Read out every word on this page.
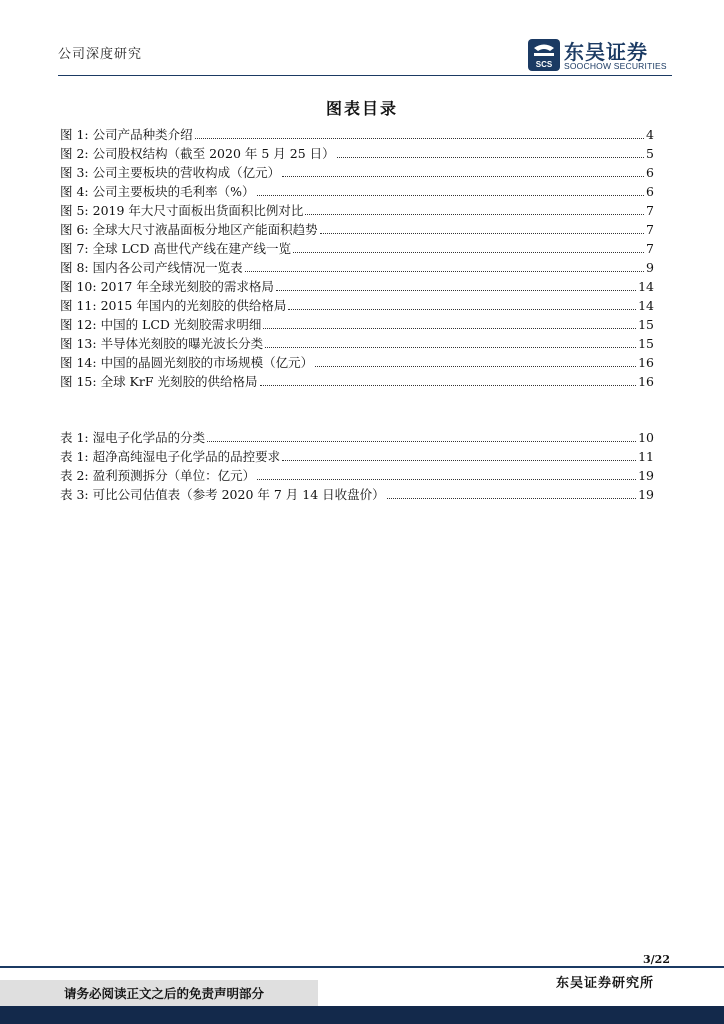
公司深度研究
SCS
东吴证券
SOOCHOW SECURITIES
图表目录
图 1:
公司产品种类介绍	4
图 2:
公司股权结构（截至 2020 年 5 月 25 日）	5
图 3:
公司主要板块的营收构成（亿元）	6
图 4:
公司主要板块的毛利率（%）	6
图 5:
2019 年大尺寸面板出货面积比例对比	7
图 6:
全球大尺寸液晶面板分地区产能面积趋势	7
图 7:
全球 LCD 高世代产线在建产线一览	7
图 8:
国内各公司产线情况一览表	9
图 10:
2017 年全球光刻胶的需求格局	14
图 11:
2015 年国内的光刻胶的供给格局	14
图 12:
中国的 LCD 光刻胶需求明细	15
图 13:
半导体光刻胶的曝光波长分类	15
图 14:
中国的晶圆光刻胶的市场规模（亿元）	16
图 15:
全球 KrF 光刻胶的供给格局	16
表 1:
湿电子化学品的分类	10
表 1:
超净高纯湿电子化学品的品控要求	11
表 2:
盈利预测拆分（单位：亿元）	19
表 3:
可比公司估值表（参考 2020 年 7 月 14 日收盘价）	19
3/22
请务必阅读正文之后的免责声明部分
东吴证券研究所
